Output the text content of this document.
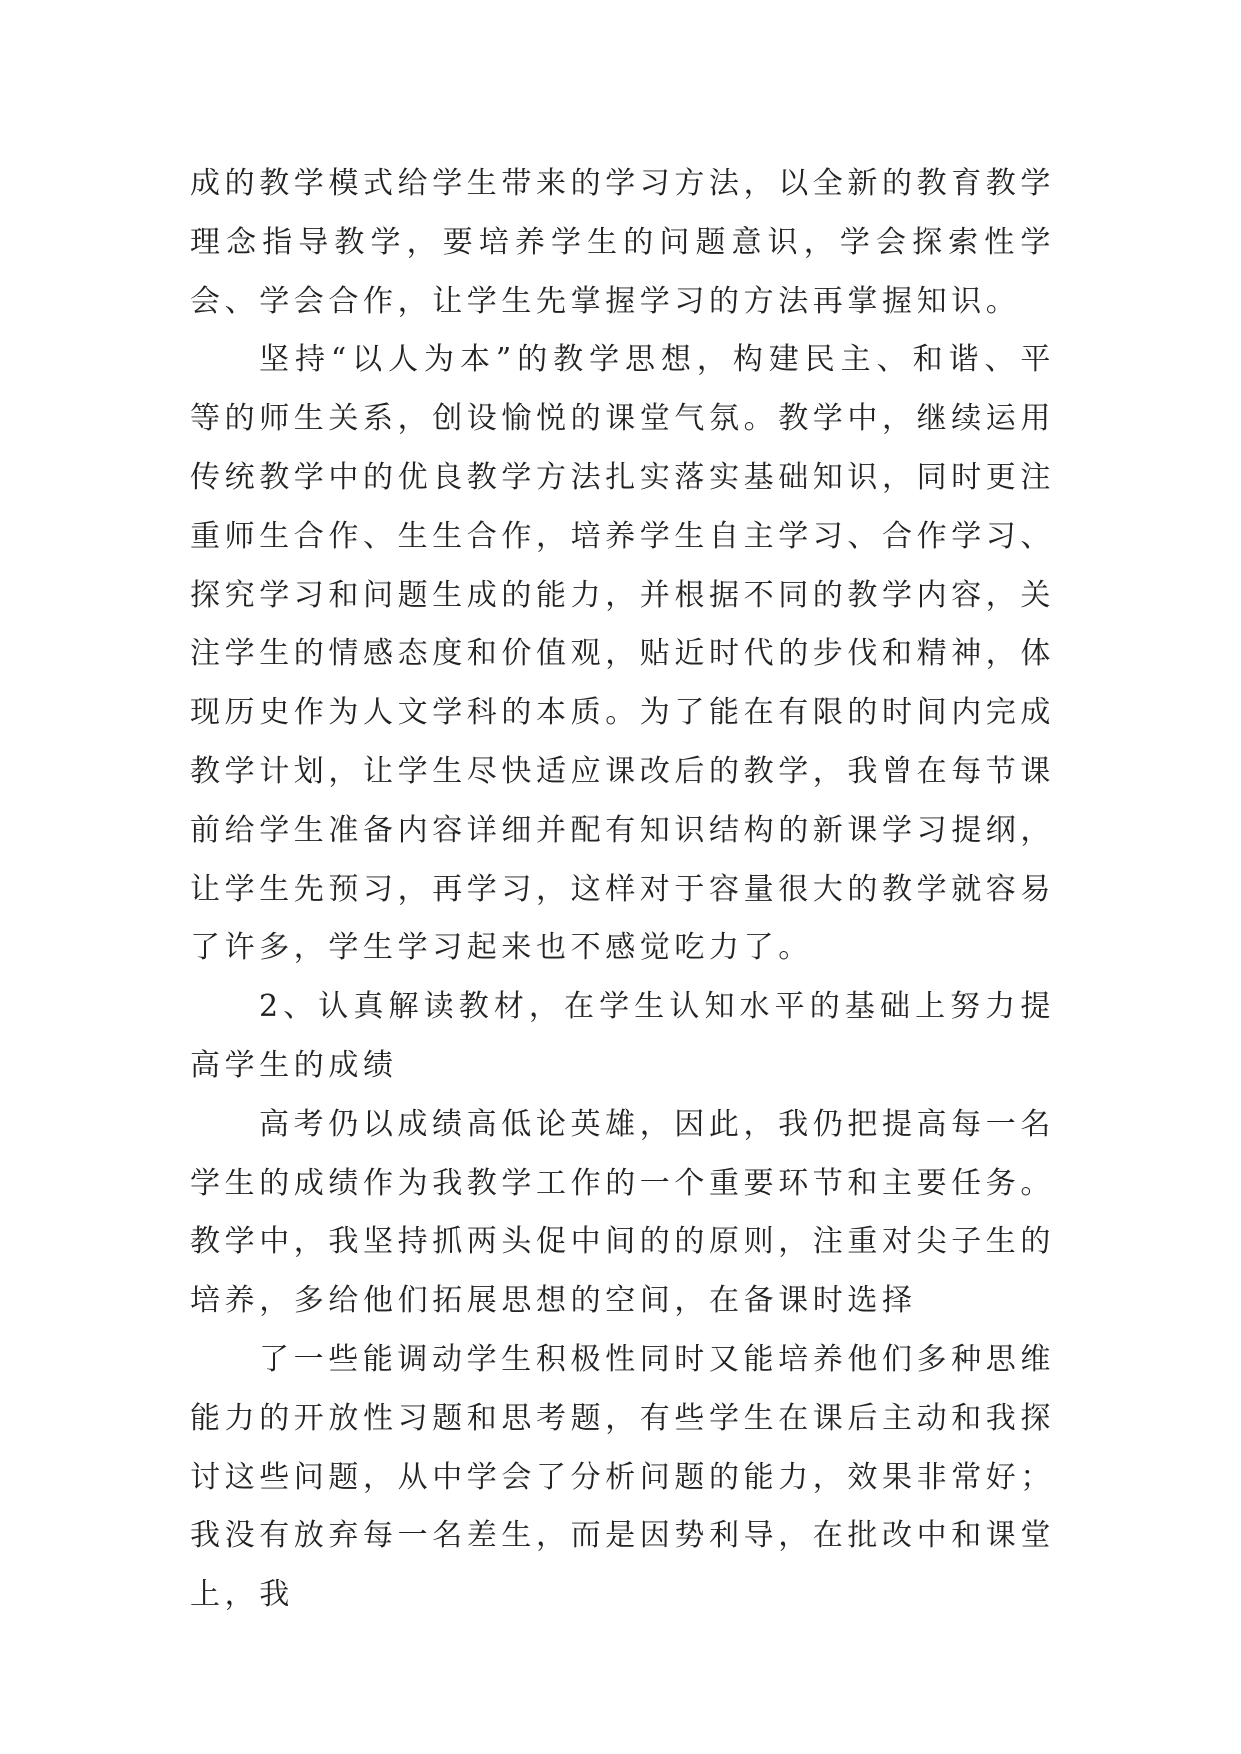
成的教学模式给学生带来的学习方法，以全新的教育教学理念指导教学，要培养学生的问题意识，学会探索性学会、学会合作，让学生先掌握学习的方法再掌握知识。

坚持“以人为本”的教学思想，构建民主、和谐、平等的师生关系，创设愉悦的课堂气氛。教学中，继续运用传统教学中的优良教学方法扎实落实基础知识，同时更注重师生合作、生生合作，培养学生自主学习、合作学习、探究学习和问题生成的能力，并根据不同的教学内容，关注学生的情感态度和价值观，贴近时代的步伐和精神，体现历史作为人文学科的本质。为了能在有限的时间内完成教学计划，让学生尽快适应课改后的教学，我曾在每节课前给学生准备内容详细并配有知识结构的新课学习提纲，让学生先预习，再学习，这样对于容量很大的教学就容易了许多，学生学习起来也不感觉吃力了。

2、认真解读教材，在学生认知水平的基础上努力提高学生的成绩

高考仍以成绩高低论英雄，因此，我仍把提高每一名学生的成绩作为我教学工作的一个重要环节和主要任务。教学中，我坚持抓两头促中间的的原则，注重对尖子生的培养，多给他们拓展思想的空间，在备课时选择

了一些能调动学生积极性同时又能培养他们多种思维能力的开放性习题和思考题，有些学生在课后主动和我探讨这些问题，从中学会了分析问题的能力，效果非常好；我没有放弃每一名差生，而是因势利导，在批改中和课堂上，我
